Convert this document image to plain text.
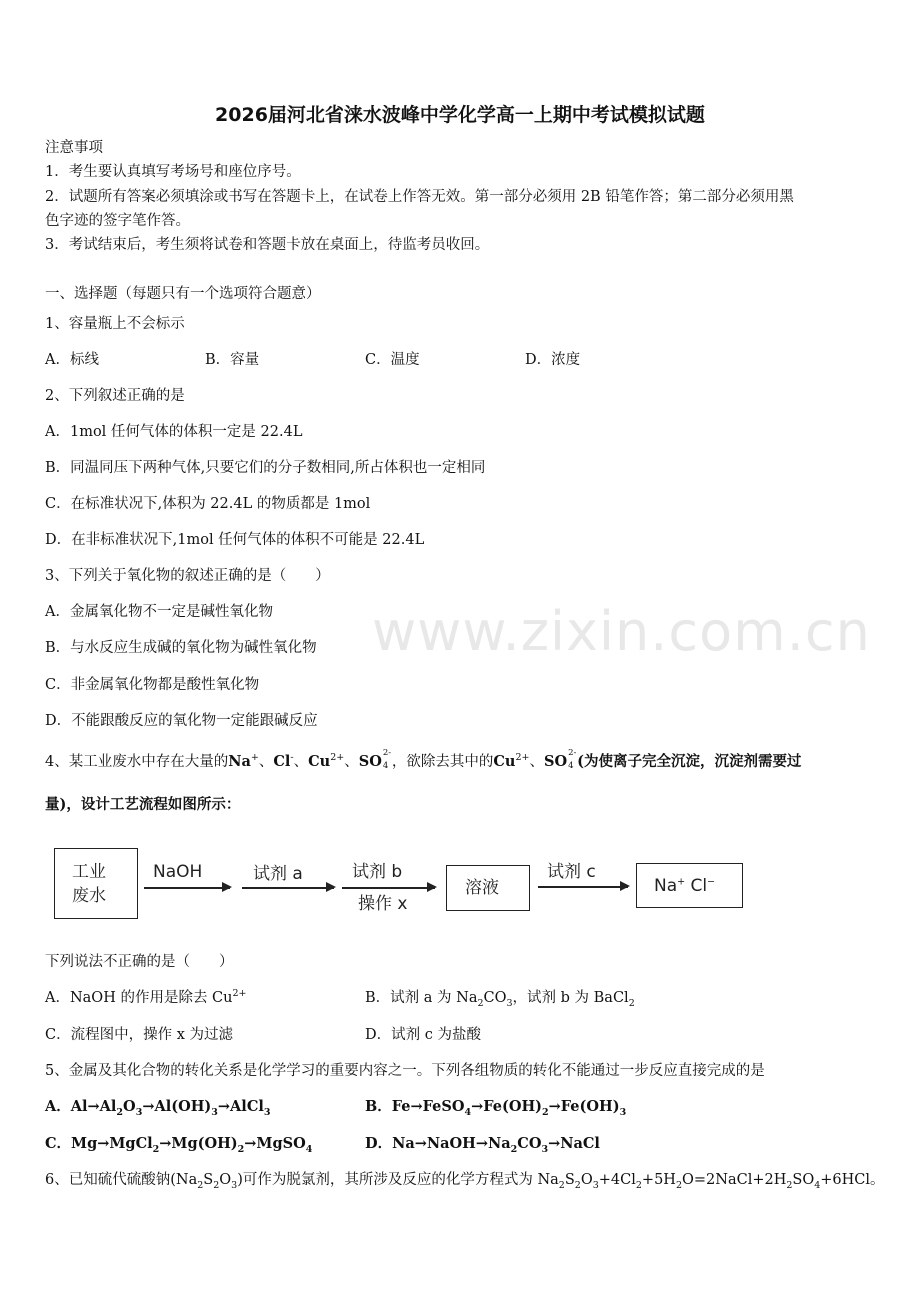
www.zixin.com.cn
2026届河北省涞水波峰中学化学高一上期中考试模拟试题
注意事项
1．考生要认真填写考场号和座位序号。
2．试题所有答案必须填涂或书写在答题卡上，在试卷上作答无效。第一部分必须用 2B 铅笔作答；第二部分必须用黑
色字迹的签字笔作答。
3．考试结束后，考生须将试卷和答题卡放在桌面上，待监考员收回。
一、选择题（每题只有一个选项符合题意）
1、容量瓶上不会标示
A．标线	B．容量	C．温度	D．浓度
2、下列叙述正确的是
A．1mol 任何气体的体积一定是 22.4L
B．同温同压下两种气体,只要它们的分子数相同,所占体积也一定相同
C．在标准状况下,体积为 22.4L 的物质都是 1mol
D．在非标准状况下,1mol 任何气体的体积不可能是 22.4L
3、下列关于氧化物的叙述正确的是（　　）
A．金属氧化物不一定是碱性氧化物
B．与水反应生成碱的氧化物为碱性氧化物
C．非金属氧化物都是酸性氧化物
D．不能跟酸反应的氧化物一定能跟碱反应
4、某工业废水中存在大量的Na+、Cl-、$Cu^{2+}$、SO 2-
4 ，欲除去其中的$Cu^{2+}$、SO 2-
4 (为使离子完全沉淀，沉淀剂需要过
量)，设计工艺流程如图所示：
工业
废水
NaOH	试剂 a	试剂 b
操作 x
溶液
试剂 c
Na+ Cl−
下列说法不正确的是（　　）
A．NaOH 的作用是除去 $Cu^{2+}$	B．试剂 a 为 $Na_2CO_3$，试剂 b 为 BaCl$_2$
C．流程图中，操作 x 为过滤	D．试剂 c 为盐酸
5、金属及其化合物的转化关系是化学学习的重要内容之一。下列各组物质的转化不能通过一步反应直接完成的是
A．$Al\to Al_2O_3\to Al(OH)_3\to AlCl_3$	B．$Fe\to FeSO_4\to Fe(OH)_2\to Fe(OH)_3$
C．$Mg\to MgCl_2\to Mg(OH)_2\to MgSO_4$	D．$Na\to NaOH\to Na_2CO_3\to NaCl$
6、已知硫代硫酸钠$(Na_2S_2O_3)$可作为脱氯剂，其所涉及反应的化学方程式为 $Na_2S_2O_3+4Cl_2+5H_2O=2NaCl+2H_2SO_4+6HCl$。
